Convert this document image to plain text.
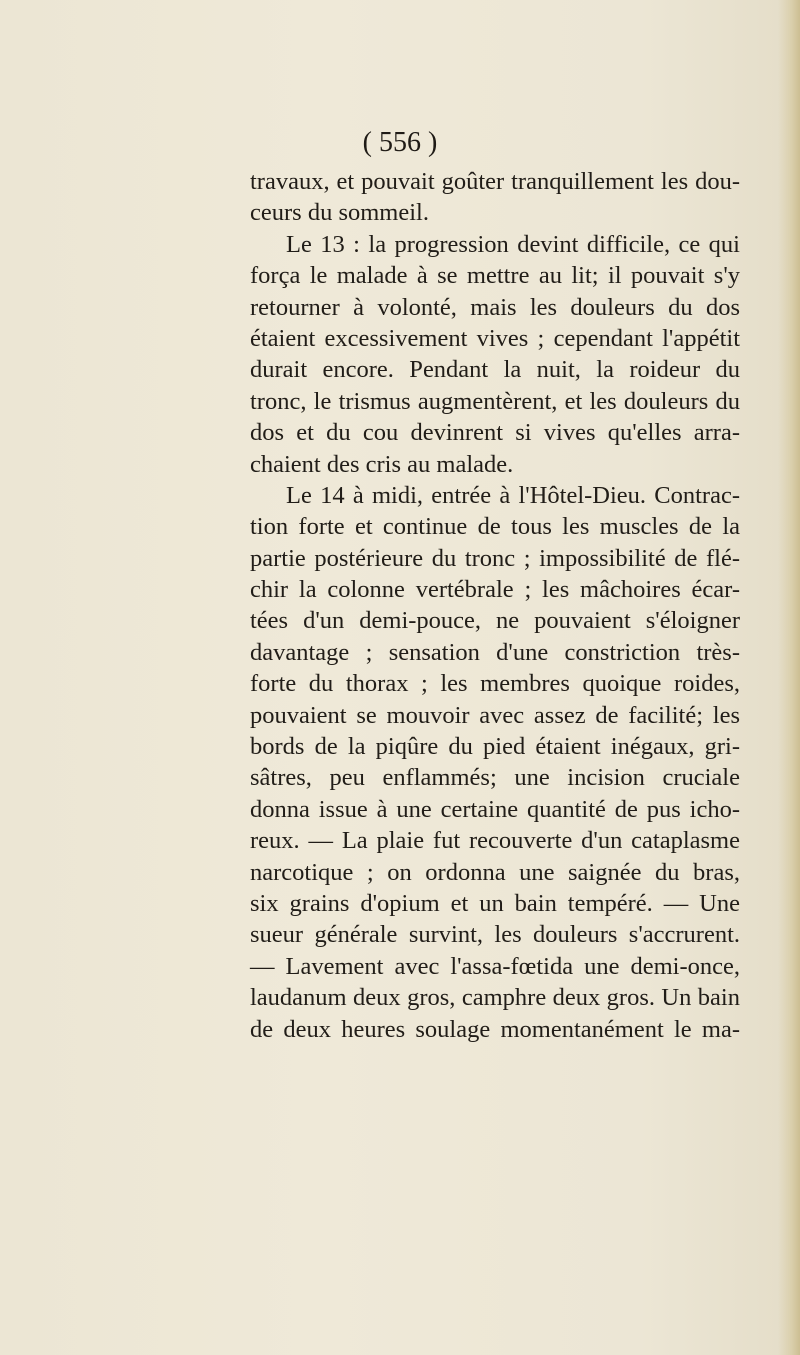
( 556 )

travaux, et pouvait goûter tranquillement les dou-
ceurs du sommeil.
Le 13 : la progression devint difficile, ce qui
força le malade à se mettre au lit; il pouvait s'y
retourner à volonté, mais les douleurs du dos
étaient excessivement vives ; cependant l'appétit
durait encore. Pendant la nuit, la roideur du
tronc, le trismus augmentèrent, et les douleurs du
dos et du cou devinrent si vives qu'elles arra-
chaient des cris au malade.
Le 14 à midi, entrée à l'Hôtel-Dieu. Contrac-
tion forte et continue de tous les muscles de la
partie postérieure du tronc ; impossibilité de flé-
chir la colonne vertébrale ; les mâchoires écar-
tées d'un demi-pouce, ne pouvaient s'éloigner
davantage ; sensation d'une constriction très-
forte du thorax ; les membres quoique roides,
pouvaient se mouvoir avec assez de facilité; les
bords de la piqûre du pied étaient inégaux, gri-
sâtres, peu enflammés; une incision cruciale
donna issue à une certaine quantité de pus icho-
reux. — La plaie fut recouverte d'un cataplasme
narcotique ; on ordonna une saignée du bras,
six grains d'opium et un bain tempéré. — Une
sueur générale survint, les douleurs s'accrurent.
— Lavement avec l'assa-fœtida une demi-once,
laudanum deux gros, camphre deux gros. Un bain
de deux heures soulage momentanément le ma-
